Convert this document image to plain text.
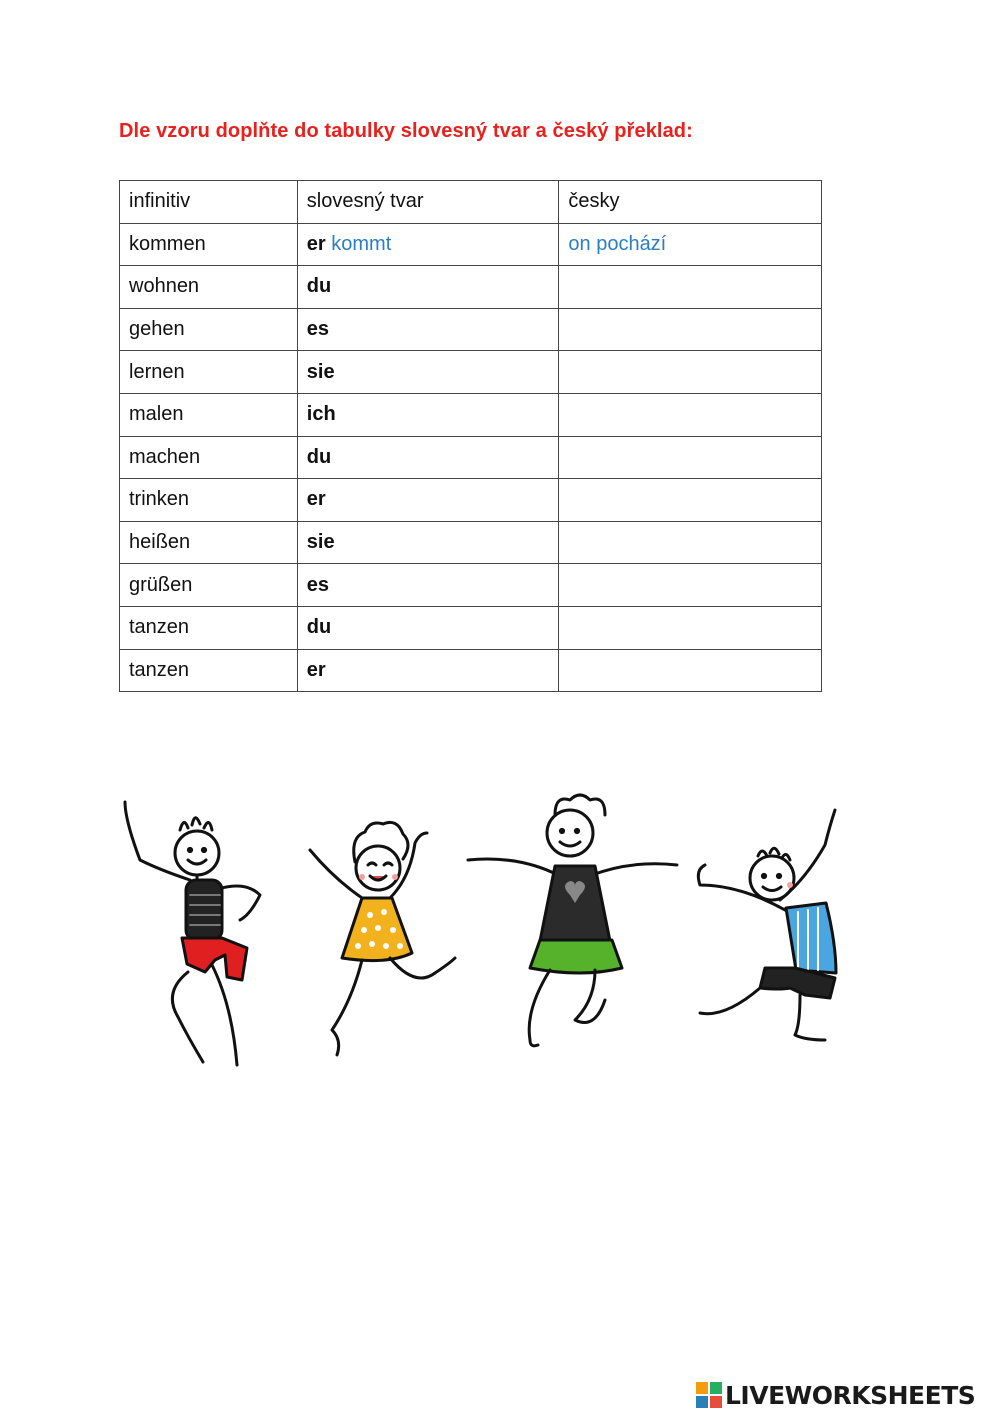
Dle vzoru doplňte do tabulky slovesný tvar a český překlad:
infinitiv	slovesný tvar	česky
kommen	er kommt	on pochází
wohnen	du	
gehen	es	
lernen	sie	
malen	ich	
machen	du	
trinken	er	
heißen	sie	
grüßen	es	
tanzen	du	
tanzen	er	
LIVEWORKSHEETS
